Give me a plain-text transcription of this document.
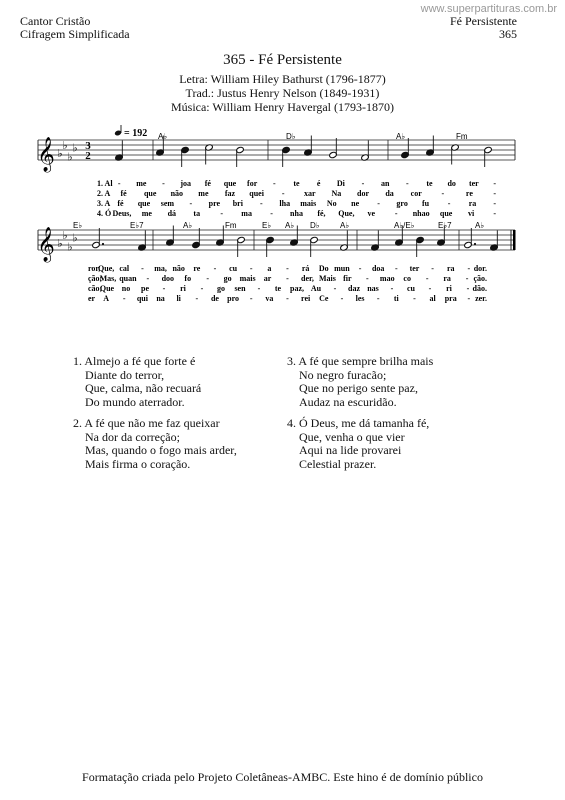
www.superpartituras.com.br
Cantor Cristão
Cifragem Simplificada
Fé Persistente
365
365 - Fé Persistente
Letra: William Hiley Bathurst (1796-1877)
Trad.: Justus Henry Nelson (1849-1931)
Música: William Henry Havergal (1793-1870)
𝄞 ♭
♭
♭
♭ 3
2
= 192 A♭	D♭	A♭	Fm
1. Al - me - joa fé que for - te é Di - an - te do ter -
2. A fé que não me faz quei - xar Na dor da cor -	re	-
3. A fé que sem - pre bri - lha mais No ne - gro fu - ra -
4. Ó Deus, me dá ta	- ma - nha fé, Que, ve - nhao que vi -
𝄞 ♭
♭
♭
♭
E♭	E♭7	A♭	Fm	E♭ A♭ D♭	A♭	A♭/E♭	E♭7	A♭
ror,
Que, cal - ma, não re - cu - a - rá Do mun - doa - ter - ra - dor.
ção;
Mas, quan - doo fo - go mais ar - der, Mais fir - mao co - ra - ção.
cão;
Que no pe - ri - go sen - te paz, Au - daz nas - cu - ri - dão.
er A - qui na li - de pro - va - rei Ce - les - ti - al pra - zer.
1. Almejo a fé que forte é
Diante do terror,
Que, calma, não recuará
Do mundo aterrador.
2. A fé que não me faz queixar
Na dor da correção;
Mas, quando o fogo mais arder,
Mais firma o coração.
3. A fé que sempre brilha mais
No negro furacão;
Que no perigo sente paz,
Audaz na escuridão.
4. Ó Deus, me dá tamanha fé,
Que, venha o que vier
Aqui na lide provarei
Celestial prazer.
Formatação criada pelo Projeto Coletâneas-AMBC. Este hino é de domínio público
